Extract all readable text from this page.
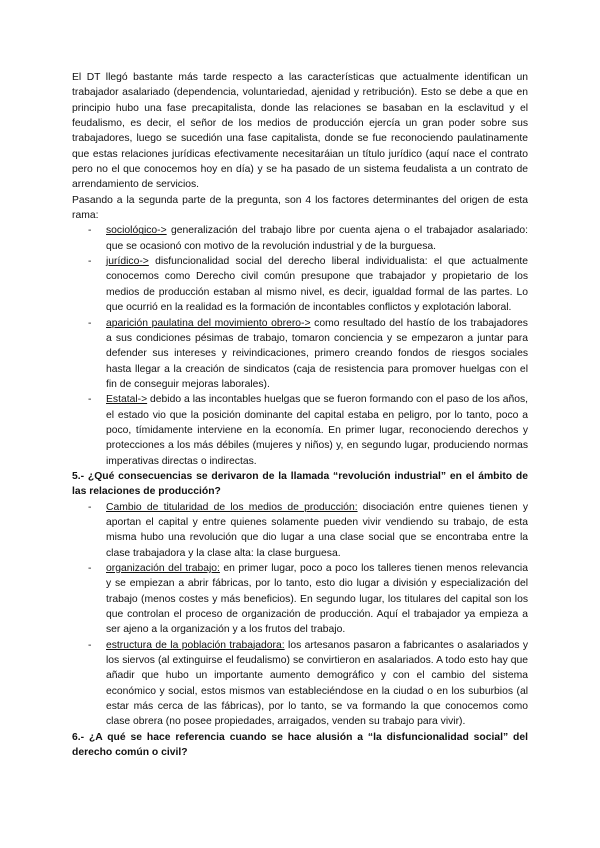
El DT llegó bastante más tarde respecto a las características que actualmente identifican un trabajador asalariado (dependencia, voluntariedad, ajenidad y retribución). Esto se debe a que en principio hubo una fase precapitalista, donde las relaciones se basaban en la esclavitud y el feudalismo, es decir, el señor de los medios de producción ejercía un gran poder sobre sus trabajadores, luego se sucedión una fase capitalista, donde se fue reconociendo paulatinamente que estas relaciones jurídicas efectivamente necesitaráian un título jurídico (aquí nace el contrato pero no el que conocemos hoy en día) y se ha pasado de un sistema feudalista a un contrato de arrendamiento de servicios.

Pasando a la segunda parte de la pregunta, son 4 los factores determinantes del origen de esta rama:

- sociológico-> generalización del trabajo libre por cuenta ajena o el trabajador asalariado: que se ocasionó con motivo de la revolución industrial y de la burguesa.
- jurídico-> disfuncionalidad social del derecho liberal individualista: el que actualmente conocemos como Derecho civil común presupone que trabajador y propietario de los medios de producción estaban al mismo nivel, es decir, igualdad formal de las partes. Lo que ocurrió en la realidad es la formación de incontables conflictos y explotación laboral.
- aparición paulatina del movimiento obrero-> como resultado del hastío de los trabajadores a sus condiciones pésimas de trabajo, tomaron conciencia y se empezaron a juntar para defender sus intereses y reivindicaciones, primero creando fondos de riesgos sociales hasta llegar a la creación de sindicatos (caja de resistencia para promover huelgas con el fin de conseguir mejoras laborales).
- Estatal-> debido a las incontables huelgas que se fueron formando con el paso de los años, el estado vio que la posición dominante del capital estaba en peligro, por lo tanto, poco a poco, tímidamente interviene en la economía. En primer lugar, reconociendo derechos y protecciones a los más débiles (mujeres y niños) y, en segundo lugar, produciendo normas imperativas directas o indirectas.

5.- ¿Qué consecuencias se derivaron de la llamada “revolución industrial” en el ámbito de las relaciones de producción?

- Cambio de titularidad de los medios de producción: disociación entre quienes tienen y aportan el capital y entre quienes solamente pueden vivir vendiendo su trabajo, de esta misma hubo una revolución que dio lugar a una clase social que se encontraba entre la clase trabajadora y la clase alta: la clase burguesa.
- organización del trabajo: en primer lugar, poco a poco los talleres tienen menos relevancia y se empiezan a abrir fábricas, por lo tanto, esto dio lugar a división y especialización del trabajo (menos costes y más beneficios). En segundo lugar, los titulares del capital son los que controlan el proceso de organización de producción. Aquí el trabajador ya empieza a ser ajeno a la organización y a los frutos del trabajo.
- estructura de la población trabajadora: los artesanos pasaron a fabricantes o asalariados y los siervos (al extinguirse el feudalismo) se convirtieron en asalariados. A todo esto hay que añadir que hubo un importante aumento demográfico y con el cambio del sistema económico y social, estos mismos van estableciéndose en la ciudad o en los suburbios (al estar más cerca de las fábricas), por lo tanto, se va formando la que conocemos como clase obrera (no posee propiedades, arraigados, venden su trabajo para vivir).

6.- ¿A qué se hace referencia cuando se hace alusión a “la disfuncionalidad social” del derecho común o civil?
